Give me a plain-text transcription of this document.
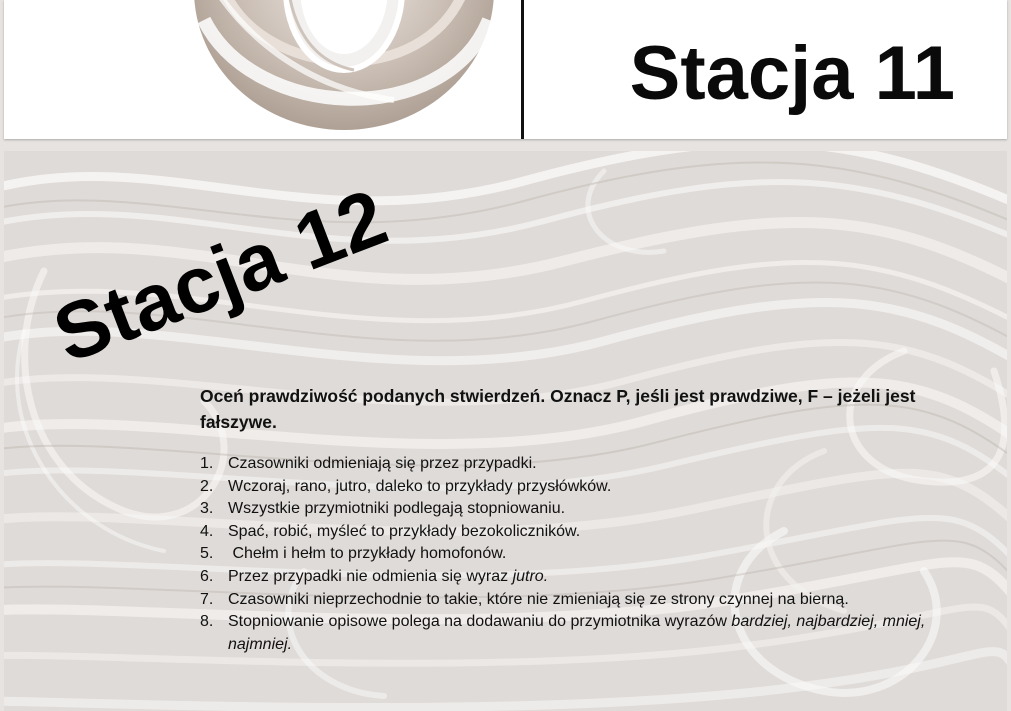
Stacja 11
Stacja 12

Oceń prawdziwość podanych stwierdzeń. Oznacz P, jeśli jest prawdziwe, F – jeżeli jest fałszywe.

1. Czasowniki odmieniają się przez przypadki.
2. Wczoraj, rano, jutro, daleko to przykłady przysłówków.
3. Wszystkie przymiotniki podlegają stopniowaniu.
4. Spać, robić, myśleć to przykłady bezokoliczników.
5. Chełm i hełm to przykłady homofonów.
6. Przez przypadki nie odmienia się wyraz jutro.
7. Czasowniki nieprzechodnie to takie, które nie zmieniają się ze strony czynnej na bierną.
8. Stopniowanie opisowe polega na dodawaniu do przymiotnika wyrazów bardziej, najbardziej, mniej, najmniej.
